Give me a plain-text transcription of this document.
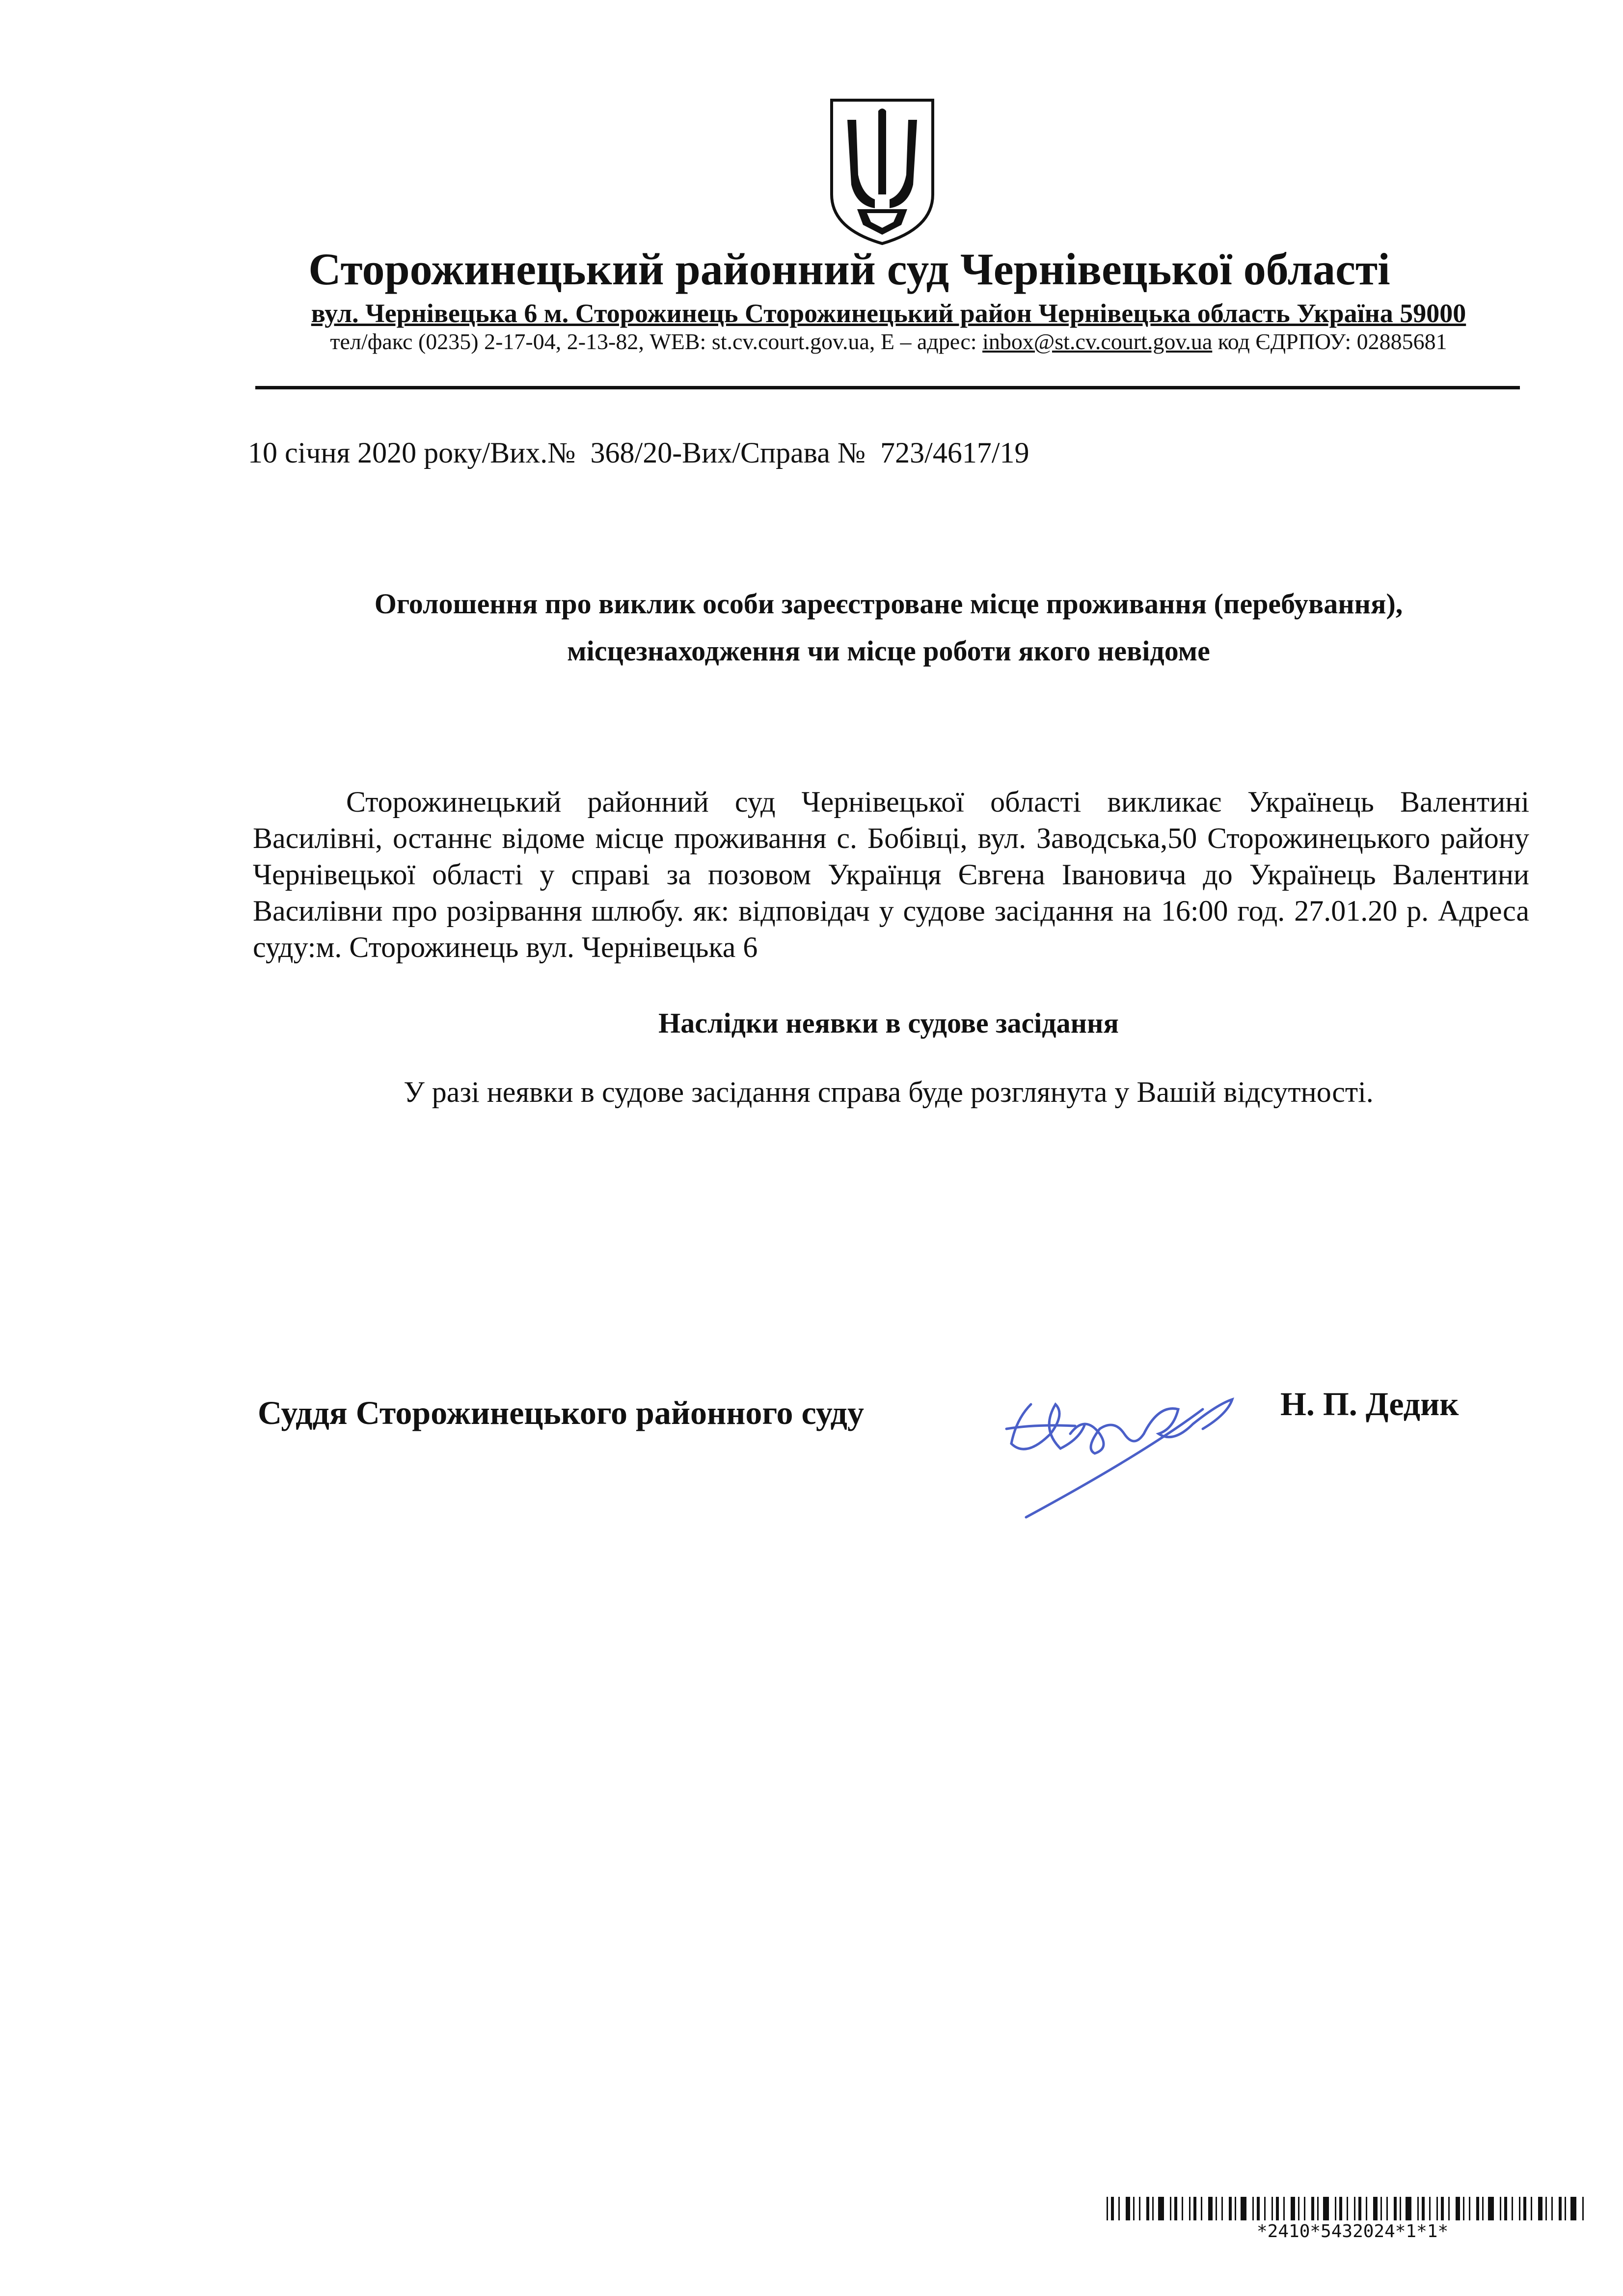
Сторожинецький районний суд Чернівецької області
вул. Чернівецька 6 м. Сторожинець Сторожинецький район Чернівецька область Україна 59000
тел/факс (0235) 2-17-04, 2-13-82, WEB: st.cv.court.gov.ua, E – адрес: inbox@st.cv.court.gov.ua код ЄДРПОУ: 02885681
10 січня 2020 року/Вих.№  368/20-Вих/Справа №  723/4617/19
Оголошення про виклик особи зареєстроване місце проживання (перебування),
місцезнаходження чи місце роботи якого невідоме
Сторожинецький районний суд Чернівецької області викликає Українець Валентині Василівні, останнє відоме місце проживання с. Бобівці, вул. Заводська,50 Сторожинецького району Чернівецької області у справі за позовом Українця Євгена Івановича до Українець Валентини Василівни про розірвання шлюбу. як: відповідач у судове засідання на 16:00 год. 27.01.20 р. Адреса суду:м. Сторожинець вул. Чернівецька 6
Наслідки неявки в судове засідання
У разі неявки в судове засідання справа буде розглянута у Вашій відсутності.
Суддя Сторожинецького районного суду	Н. П. Дедик
*2410*5432024*1*1*
